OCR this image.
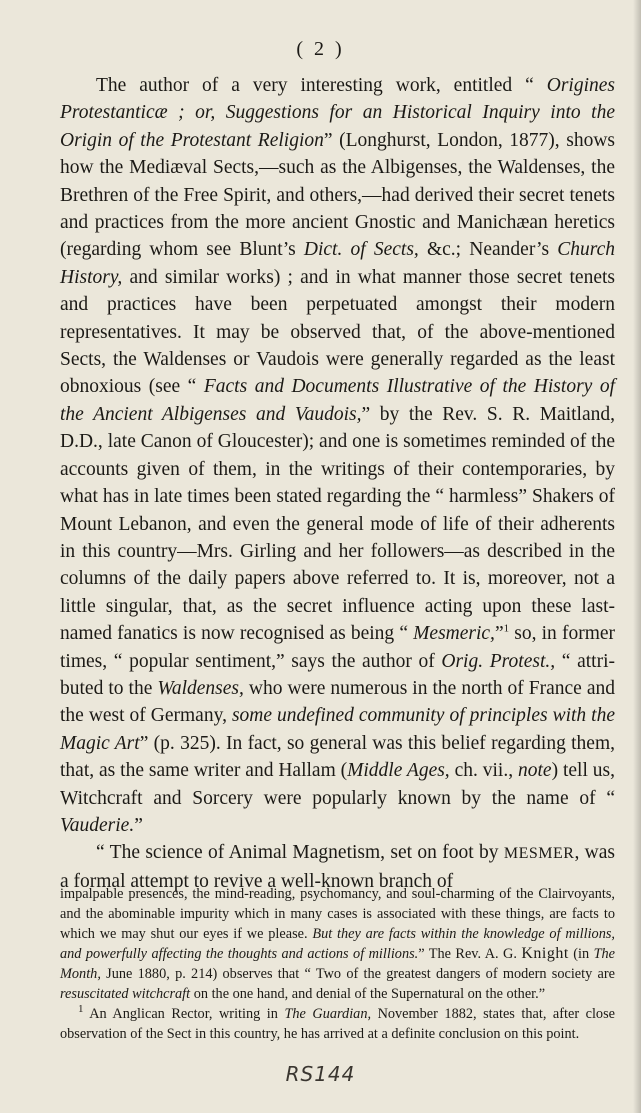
( 2 )

The author of a very interesting work, entitled “ Origines Protestanticæ ; or, Suggestions for an Historical Inquiry into the Origin of the Protestant Religion” (Longhurst, London, 1877), shows how the Mediæval Sects,—such as the Albigenses, the Waldenses, the Brethren of the Free Spirit, and others,—had derived their secret tenets and practices from the more ancient Gnostic and Manichæan heretics (regarding whom see Blunt’s Dict. of Sects, &c.; Neander’s Church History, and similar works) ; and in what manner those secret tenets and practices have been perpetuated amongst their modern representatives. It may be observed that, of the above-mentioned Sects, the Waldenses or Vaudois were generally regarded as the least obnoxious (see “ Facts and Documents Illustrative of the History of the Ancient Albigenses and Vaudois,” by the Rev. S. R. Maitland, D.D., late Canon of Gloucester); and one is sometimes reminded of the accounts given of them, in the writings of their contemporaries, by what has in late times been stated regarding the “ harmless” Shakers of Mount Lebanon, and even the general mode of life of their adherents in this country—Mrs. Girling and her followers—as described in the columns of the daily papers above referred to. It is, moreover, not a little singular, that, as the secret influence acting upon these last-named fanatics is now recognised as being “ Mesmeric,”$^1$ so, in former times, “ popular sentiment,” says the author of Orig. Protest., “ attributed to the Waldenses, who were numerous in the north of France and the west of Germany, some undefined community of principles with the Magic Art” (p. 325). In fact, so general was this belief regarding them, that, as the same writer and Hallam (Middle Ages, ch. vii., note) tell us, Witchcraft and Sorcery were popularly known by the name of “ Vauderie.”

“ The science of Animal Magnetism, set on foot by MESMER, was a formal attempt to revive a well-known branch of

impalpable presences, the mind-reading, psychomancy, and soul-charming of the Clairvoyants, and the abominable impurity which in many cases is associated with these things, are facts to which we may shut our eyes if we please. But they are facts within the knowledge of millions, and powerfully affecting the thoughts and actions of millions.” The Rev. A. G. Knight (in The Month, June 1880, p. 214) observes that “ Two of the greatest dangers of modern society are resuscitated witchcraft on the one hand, and denial of the Supernatural on the other.”

$^1$ An Anglican Rector, writing in The Guardian, November 1882, states that, after close observation of the Sect in this country, he has arrived at a definite conclusion on this point.

RS144
